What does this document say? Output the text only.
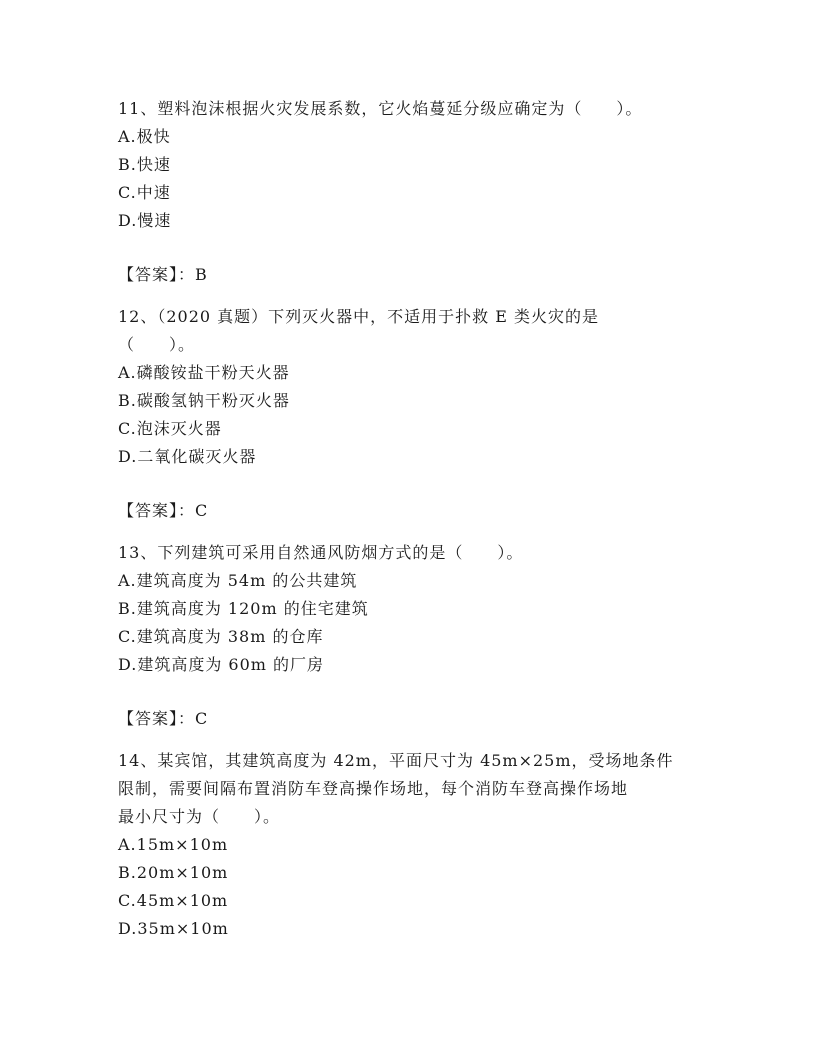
11、塑料泡沫根据火灾发展系数，它火焰蔓延分级应确定为（　　）。
A.极快
B.快速
C.中速
D.慢速
【答案】：B
12、（2020 真题）下列灭火器中，不适用于扑救 E 类火灾的是
（　　）。
A.磷酸铵盐干粉天火器
B.碳酸氢钠干粉灭火器
C.泡沫灭火器
D.二氧化碳灭火器
【答案】：C
13、下列建筑可采用自然通风防烟方式的是（　　）。
A.建筑高度为 54m 的公共建筑
B.建筑高度为 120m 的住宅建筑
C.建筑高度为 38m 的仓库
D.建筑高度为 60m 的厂房
【答案】：C
14、某宾馆，其建筑高度为 42m，平面尺寸为 45m×25m，受场地条件
限制，需要间隔布置消防车登高操作场地，每个消防车登高操作场地
最小尺寸为（　　）。
A.15m×10m
B.20m×10m
C.45m×10m
D.35m×10m
